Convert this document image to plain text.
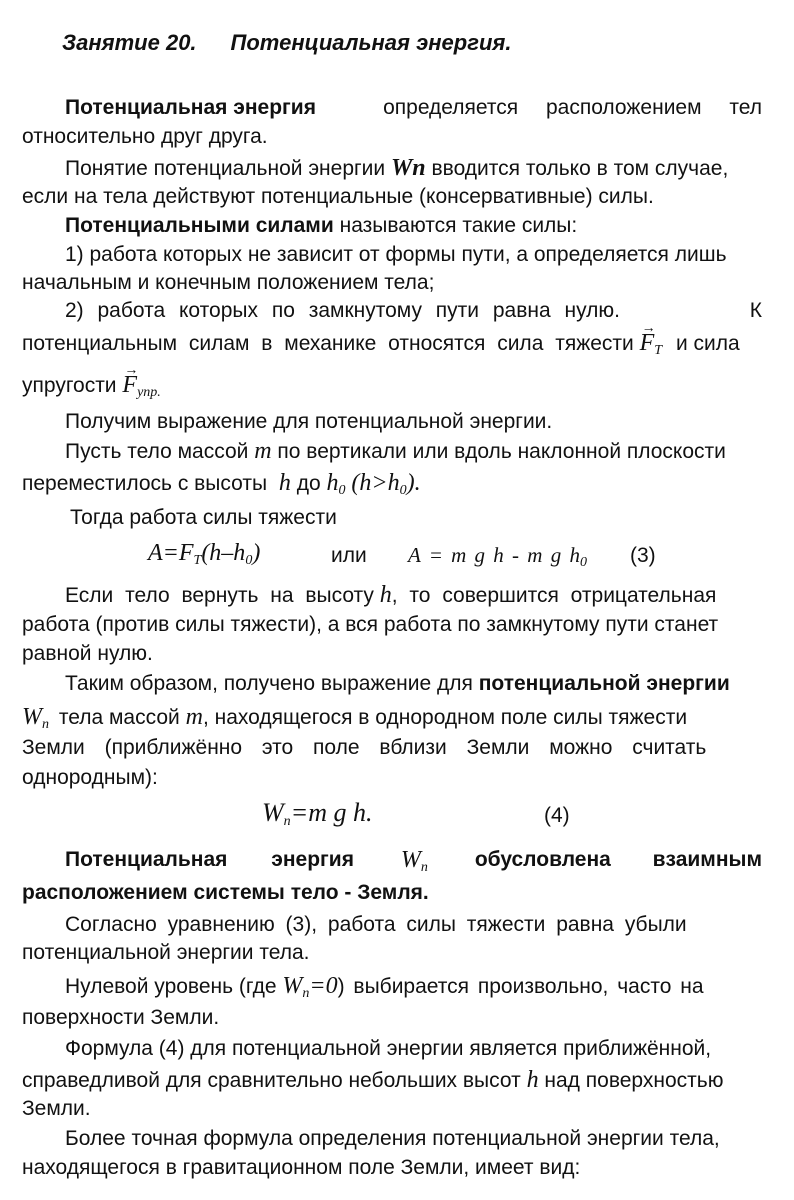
Занятие 20. Потенциальная энергия.
Потенциальная энергия	определяется расположением тел
относительно друг друга.
Понятие потенциальной энергии Wп вводится только в том случае,
если на тела действуют потенциальные (консервативные) силы.
Потенциальными силами называются такие силы:
1) работа которых не зависит от формы пути, а определяется лишь
начальным и конечным положением тела;
2) работа которых по замкнутому пути равна нулю.	К
потенциальным силам в механике относятся сила тяжести → $F_T$ и сила
упругости → $F_{упр.}$
Получим выражение для потенциальной энергии.
Пусть тело массой m по вертикали или вдоль наклонной плоскости
переместилось с высоты h до $h_0$ $(h>h_0)$.
Тогда работа силы тяжести
$A=F_T(h-h_0)$	или A = m g h - m g $h_0$ (3)
Если тело вернуть на высоту h, то совершится отрицательная
работа (против силы тяжести), а вся работа по замкнутому пути станет
равной нулю.
Таким образом, получено выражение для потенциальной энергии
$W_n$ тела массой m, находящегося в однородном поле силы тяжести
Земли (приближённо это поле вблизи Земли можно считать
однородным):
$W_n=m$ g h.	(4)
Потенциальная энергия $W_n$ обусловлена взаимным
расположением системы тело - Земля.
Согласно уравнению (3), работа силы тяжести равна убыли
потенциальной энергии тела.
Нулевой уровень (где $W_n=0$) выбирается произвольно, часто на
поверхности Земли.
Формула (4) для потенциальной энергии является приближённой,
справедливой для сравнительно небольших высот h над поверхностью
Земли.
Более точная формула определения потенциальной энергии тела,
находящегося в гравитационном поле Земли, имеет вид:
